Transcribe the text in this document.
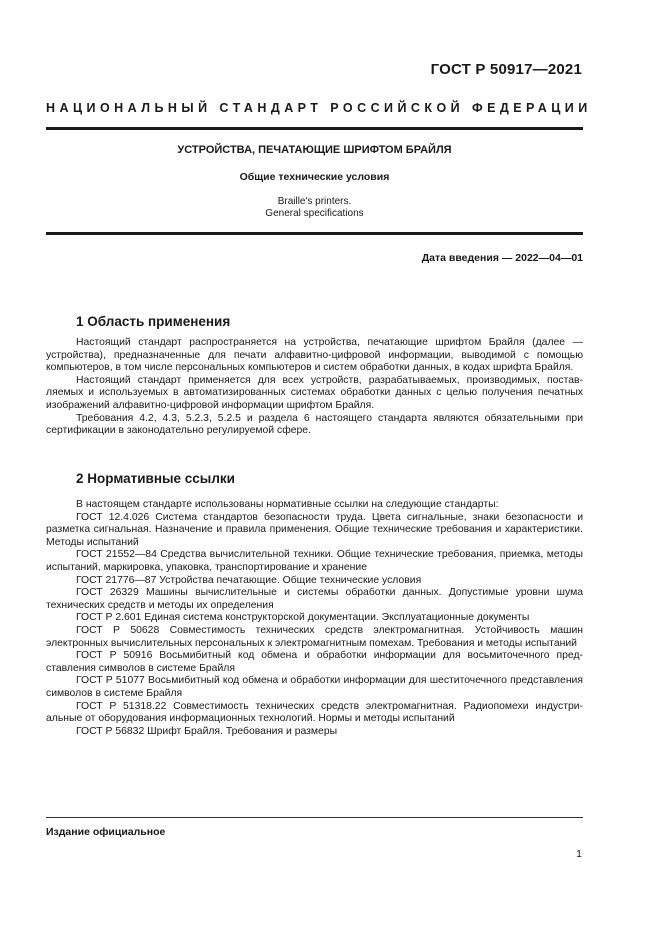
ГОСТ Р 50917—2021
НАЦИОНАЛЬНЫЙ СТАНДАРТ РОССИЙСКОЙ ФЕДЕРАЦИИ
УСТРОЙСТВА, ПЕЧАТАЮЩИЕ ШРИФТОМ БРАЙЛЯ
Общие технические условия
Braille's printers.
General specifications
Дата введения — 2022—04—01
1 Область применения

Настоящий стандарт распространяется на устройства, печатающие шрифтом Брайля (далее — устройства), предназначенные для печати алфавитно-цифровой информации, выводимой с помощью компьютеров, в том числе персональных компьютеров и систем обработки данных, в кодах шрифта Брайля.

Настоящий стандарт применяется для всех устройств, разрабатываемых, производимых, поставляемых и используемых в автоматизированных системах обработки данных с целью получения печатных изображений алфавитно-цифровой информации шрифтом Брайля.

Требования 4.2, 4.3, 5.2.3, 5.2.5 и раздела 6 настоящего стандарта являются обязательными при сертификации в законодательно регулируемой сфере.

2 Нормативные ссылки

В настоящем стандарте использованы нормативные ссылки на следующие стандарты:

ГОСТ 12.4.026 Система стандартов безопасности труда. Цвета сигнальные, знаки безопасности и разметка сигнальная. Назначение и правила применения. Общие технические требования и характеристики. Методы испытаний

ГОСТ 21552—84 Средства вычислительной техники. Общие технические требования, приемка, методы испытаний, маркировка, упаковка, транспортирование и хранение

ГОСТ 21776—87 Устройства печатающие. Общие технические условия

ГОСТ 26329 Машины вычислительные и системы обработки данных. Допустимые уровни шума технических средств и методы их определения

ГОСТ Р 2.601 Единая система конструкторской документации. Эксплуатационные документы

ГОСТ Р 50628 Совместимость технических средств электромагнитная. Устойчивость машин электронных вычислительных персональных к электромагнитным помехам. Требования и методы испытаний

ГОСТ Р 50916 Восьмибитный код обмена и обработки информации для восьмиточечного представления символов в системе Брайля

ГОСТ Р 51077 Восьмибитный код обмена и обработки информации для шеститочечного представления символов в системе Брайля

ГОСТ Р 51318.22 Совместимость технических средств электромагнитная. Радиопомехи индустриальные от оборудования информационных технологий. Нормы и методы испытаний

ГОСТ Р 56832 Шрифт Брайля. Требования и размеры

Издание официальное
1
